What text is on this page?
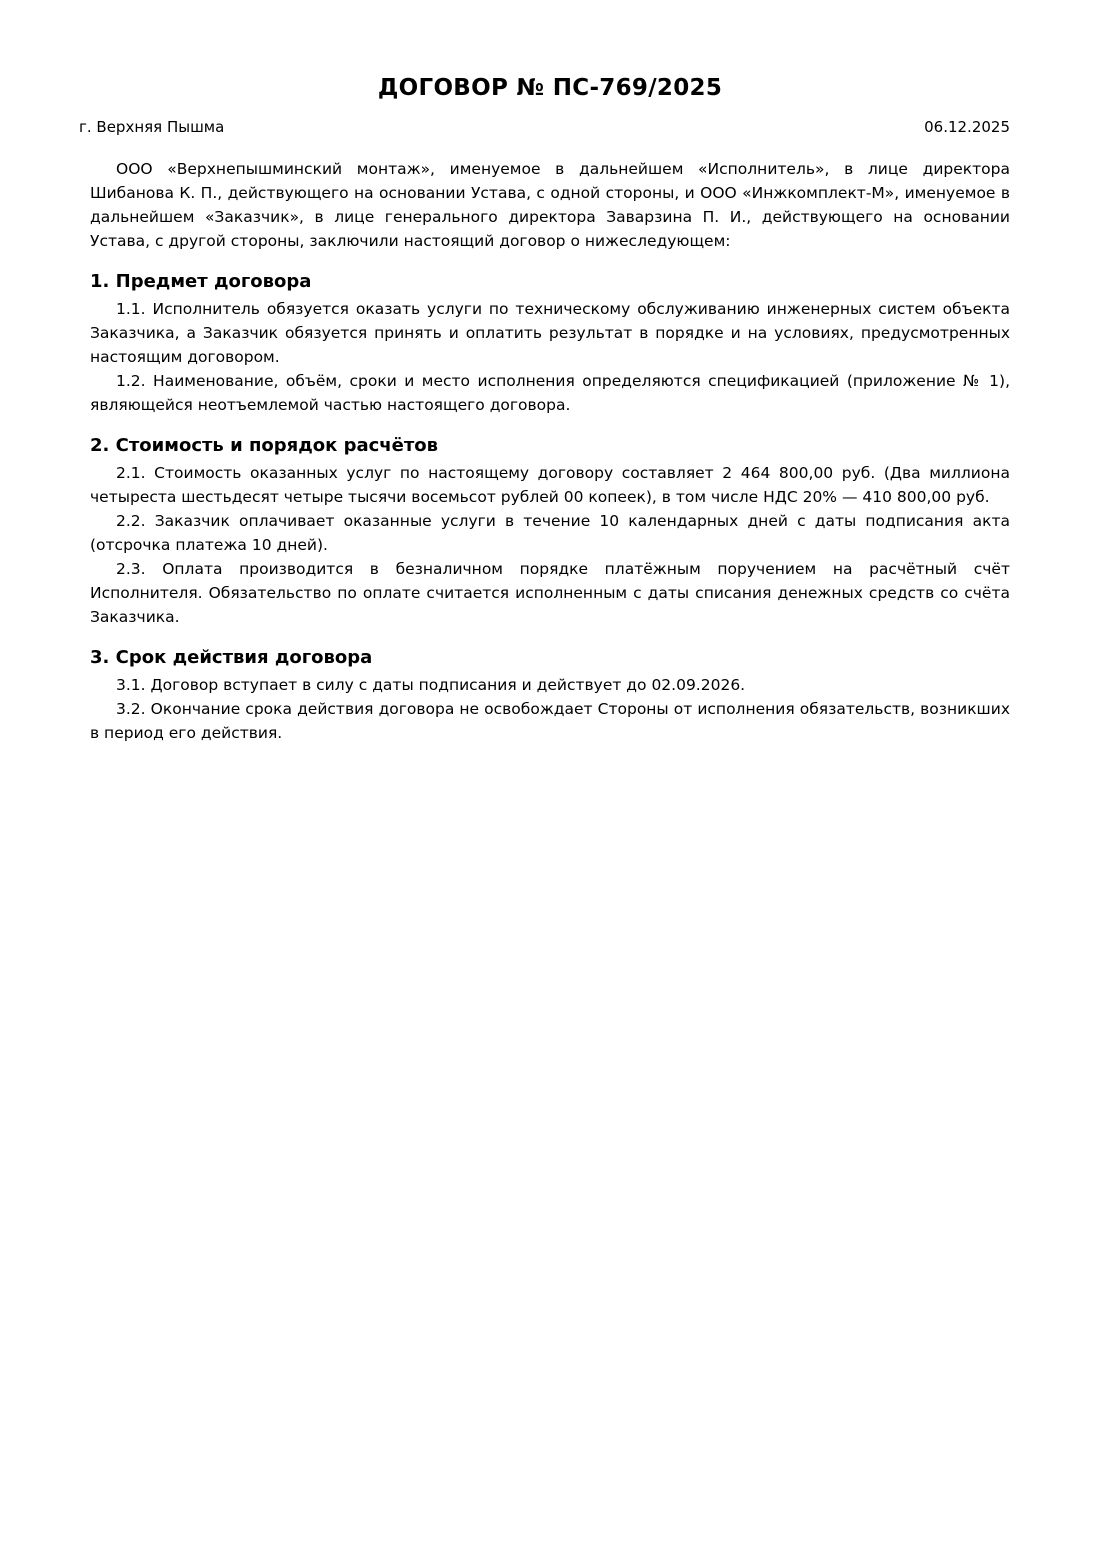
ДОГОВОР № ПС-769/2025
г. Верхняя Пышма	06.12.2025

ООО «Верхнепышминский монтаж», именуемое в дальнейшем «Исполнитель», в лице директора Шибанова К. П., действующего на основании Устава, с одной стороны, и ООО «Инжкомплект-М», именуемое в дальнейшем «Заказчик», в лице генерального директора Заварзина П. И., действующего на основании Устава, с другой стороны, заключили настоящий договор о нижеследующем:

1. Предмет договора

1.1. Исполнитель обязуется оказать услуги по техническому обслуживанию инженерных систем объекта Заказчика, а Заказчик обязуется принять и оплатить результат в порядке и на условиях, предусмотренных настоящим договором.

1.2. Наименование, объём, сроки и место исполнения определяются спецификацией (приложение № 1), являющейся неотъемлемой частью настоящего договора.

2. Стоимость и порядок расчётов

2.1. Стоимость оказанных услуг по настоящему договору составляет 2 464 800,00 руб. (Два миллиона четыреста шестьдесят четыре тысячи восемьсот рублей 00 копеек), в том числе НДС 20% — 410 800,00 руб.

2.2. Заказчик оплачивает оказанные услуги в течение 10 календарных дней с даты подписания акта (отсрочка платежа 10 дней).

2.3. Оплата производится в безналичном порядке платёжным поручением на расчётный счёт Исполнителя. Обязательство по оплате считается исполненным с даты списания денежных средств со счёта Заказчика.

3. Срок действия договора

3.1. Договор вступает в силу с даты подписания и действует до 02.09.2026.

3.2. Окончание срока действия договора не освобождает Стороны от исполнения обязательств, возникших в период его действия.
